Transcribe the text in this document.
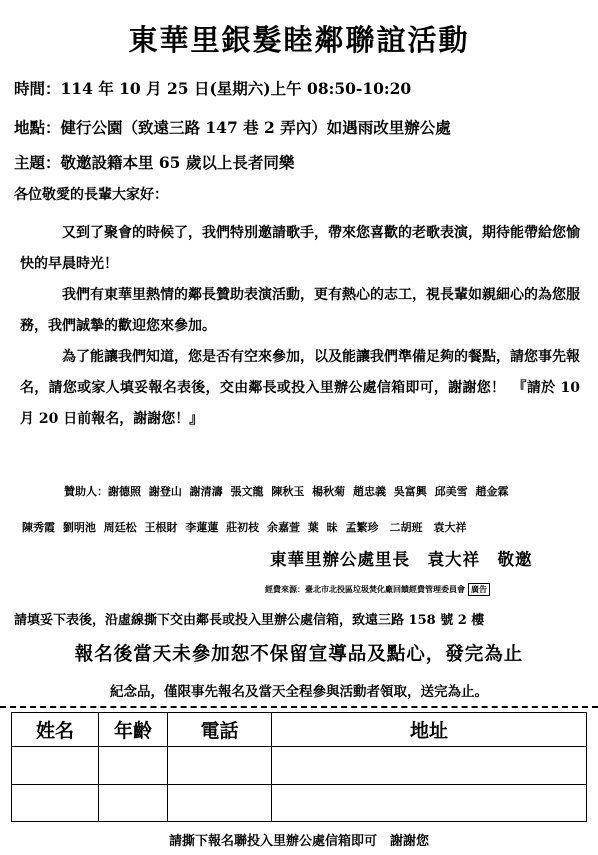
東華里銀髮睦鄰聯誼活動
時間：114 年 10 月 25 日(星期六)上午 08:50-10:20
地點：健行公園（致遠三路 147 巷 2 弄內）如遇雨改里辦公處
主題：敬邀設籍本里 65 歲以上長者同樂
各位敬愛的長輩大家好：

又到了聚會的時候了，我們特別邀請歌手，帶來您喜歡的老歌表演，期待能帶給您愉快的早晨時光！

我們有東華里熱情的鄰長贊助表演活動，更有熱心的志工，視長輩如親細心的為您服務，我們誠摯的歡迎您來參加。

為了能讓我們知道，您是否有空來參加，以及能讓我們準備足夠的餐點，請您事先報名，請您或家人填妥報名表後，交由鄰長或投入里辦公處信箱即可，謝謝您！　『請於 10 月 20 日前報名，謝謝您！』

贊助人：謝德照 謝登山 謝清濤 張文龍 陳秋玉 楊秋菊 趙忠義 吳富興 邱美雪 趙金霖

陳秀霞 劉明池 周廷松 王根財 李蓮蓮 莊初枝 余嘉萱 葉 昧 孟繁珍　二胡班　袁大祥

東華里辦公處里長　袁大祥　敬邀
經費來源：臺北市北投區垃圾焚化廠回饋經費管理委員會 廣告
請填妥下表後，沿虛線撕下交由鄰長或投入里辦公處信箱，致遠三路 158 號 2 樓
報名後當天未參加恕不保留宣導品及點心，發完為止
紀念品，僅限事先報名及當天全程參與活動者領取，送完為止。
姓名	年齡	電話	地址

請撕下報名聯投入里辦公處信箱即可　謝謝您
